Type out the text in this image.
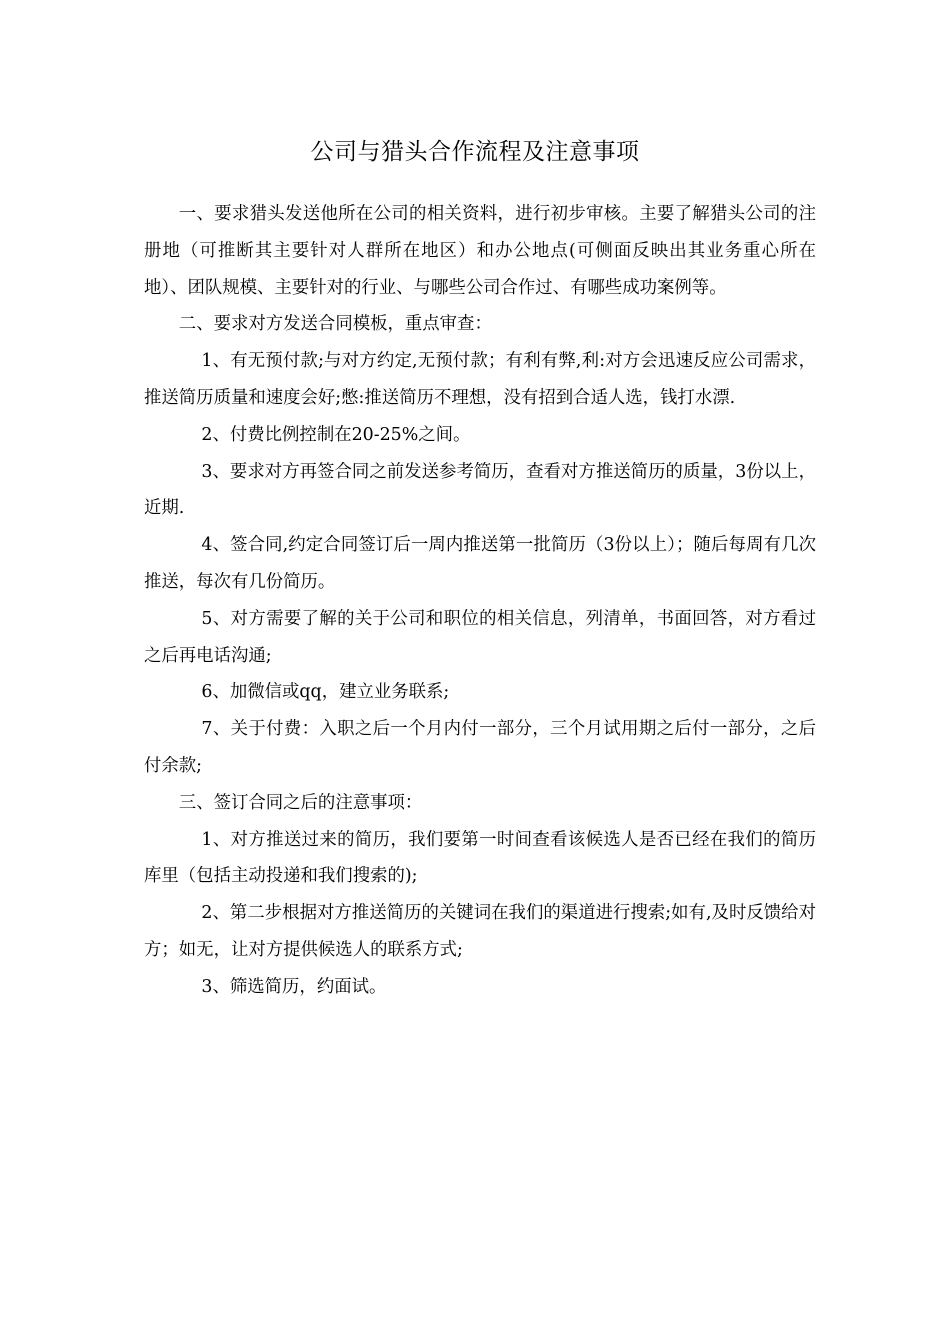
公司与猎头合作流程及注意事项

一、要求猎头发送他所在公司的相关资料，进行初步审核。主要了解猎头公司的注册地（可推断其主要针对人群所在地区）和办公地点(可侧面反映出其业务重心所在地）、团队规模、主要针对的行业、与哪些公司合作过、有哪些成功案例等。

二、要求对方发送合同模板，重点审查：

1、有无预付款;与对方约定,无预付款；有利有弊,利:对方会迅速反应公司需求，推送简历质量和速度会好;憋:推送简历不理想，没有招到合适人选，钱打水漂.

2、付费比例控制在20-25%之间。

3、要求对方再签合同之前发送参考简历，查看对方推送简历的质量，3份以上，近期.

4、签合同,约定合同签订后一周内推送第一批简历（3份以上）；随后每周有几次推送，每次有几份简历。

5、对方需要了解的关于公司和职位的相关信息，列清单，书面回答，对方看过之后再电话沟通;

6、加微信或qq，建立业务联系;

7、关于付费：入职之后一个月内付一部分，三个月试用期之后付一部分，之后付余款;

三、签订合同之后的注意事项：

1、对方推送过来的简历，我们要第一时间查看该候选人是否已经在我们的简历库里（包括主动投递和我们搜索的);

2、第二步根据对方推送简历的关键词在我们的渠道进行搜索;如有,及时反馈给对方；如无，让对方提供候选人的联系方式;

3、筛选简历，约面试。
